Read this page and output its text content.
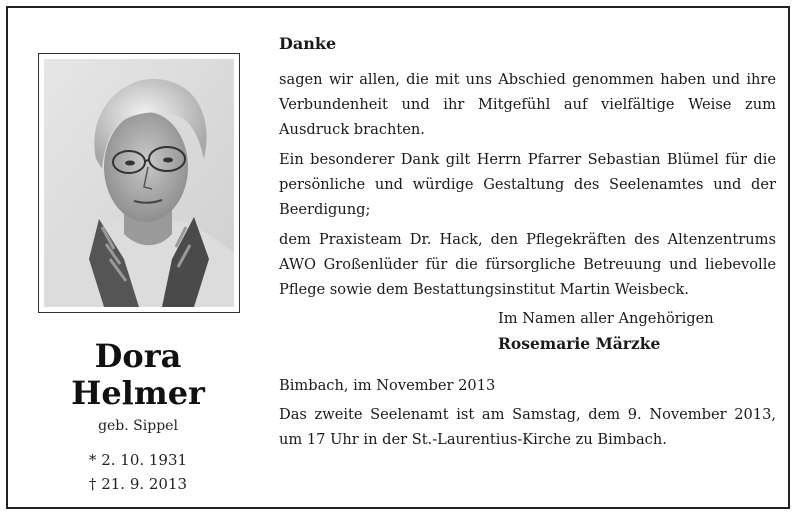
Dora
Helmer
geb. Sippel
* 2. 10. 1931
† 21. 9. 2013
Danke

sagen wir allen, die mit uns Abschied genommen haben und ihre Verbundenheit und ihr Mitgefühl auf vielfältige Weise zum Ausdruck brachten.

Ein besonderer Dank gilt Herrn Pfarrer Sebastian Blümel für die persönliche und würdige Gestaltung des Seelenamtes und der Beerdigung;

dem Praxisteam Dr. Hack, den Pflegekräften des Altenzentrums AWO Großenlüder für die fürsorgliche Betreuung und liebevolle Pflege sowie dem Bestattungsinstitut Martin Weisbeck.

Im Namen aller Angehörigen
Rosemarie Märzke
Bimbach, im November 2013
Das zweite Seelenamt ist am Samstag, dem 9. November 2013, um 17 Uhr in der St.-Laurentius-Kirche zu Bimbach.
